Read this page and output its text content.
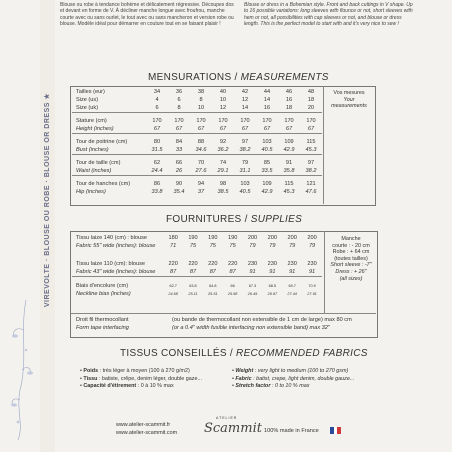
VIREVOLTE · BLOUSE OU ROBE · BLOUSE OR DRESS ★
Blouse ou robe à tendance bohème et délicatement régressive. Découpes dos et devant en forme de V. À décliner manche longue avec froufrou, manche courte avec ou sans ourlet, le tout avec ou sans mancheron et version robe ou blouse. Modèle idéal pour démarrer en couture tout en se faisant plaisir !
Blouse or dress in a Bohemian style. Front and back cuttings in V shape. Up to 16 possible variations: long sleeves with flounce or not, short sleeves with hem or not, all possibilities with cap sleeves or not, and blouse or dress length. This is the perfect model to start with and it's very nice to sew !
MENSURATIONS / MEASUREMENTS
Tailles (eur)	34	36	38	40	42	44	46	48
Size (us)	4	6	8	10	12	14	16	18
Size (uk)	6	8	10	12	14	16	18	20

Stature (cm)	170	170	170	170	170	170	170	170
Height (inches)	67	67	67	67	67	67	67	67

Tour de poitrine (cm)	80	84	88	92	97	103	109	115
Bust (inches)	31.5	33	34.6	36.2	38.2	40.5	42.9	45.3

Tour de taille (cm)	62	66	70	74	79	85	91	97
Waist (inches)	24.4	26	27.6	29.1	31.1	33.5	35.8	38.2

Tour de hanches (cm)	86	90	94	98	103	109	115	121
Hip (inches)	33.8	35.4	37	38.5	40.5	42.9	45.3	47.6
Vos mesures
Your measurements
FOURNITURES / SUPPLIES
Tissu laize 140 (cm) : blouse	180	190	190	190	200	200	200	200
Fabric 55" wide (inches): blouse	71	75	75	75	79	79	79	79

Tissu laize 110 (cm): blouse	220	220	220	220	230	230	230	230
Fabric 43" wide (inches): blouse	87	87	87	87	91	91	91	91

Biais d'encolure (cm)	62.7	63.8	64.8	66	67.3	68.5	69.7	70.9
Neckline bias (inches)	24.68	25.11	25.51	25.98	26.49	26.97	27.44	27.91
Manche
courte : - 20 cm
Robe : + 64 cm
(toutes tailles)
Short sleeve : -7"
Dress : + 26"
(all sizes)
Droit fil thermocollant
Form tape interfacing
(ou bande de thermocollant non extensible de 1 cm de large) max 80 cm
(or a 0.4" width fusible interfacing non extensible band) max 32"
TISSUS CONSEILLÉS / RECOMMENDED FABRICS
• Poids : très léger à moyen (100 à 270 g/m2)
• Tissu : batiste, crêpe, denim léger, double gaze...
• Capacité d'étirement : 0 à 10 % max
• Weight : very light to medium (100 to 270 gsm)
• Fabric : batist, crepe, light denim, double gauze...
• Stretch factor : 0 to 10 % max
www.atelier-scammit.fr
www.atelier-scammit.com
ATELIER
Scammit 100% made in France
